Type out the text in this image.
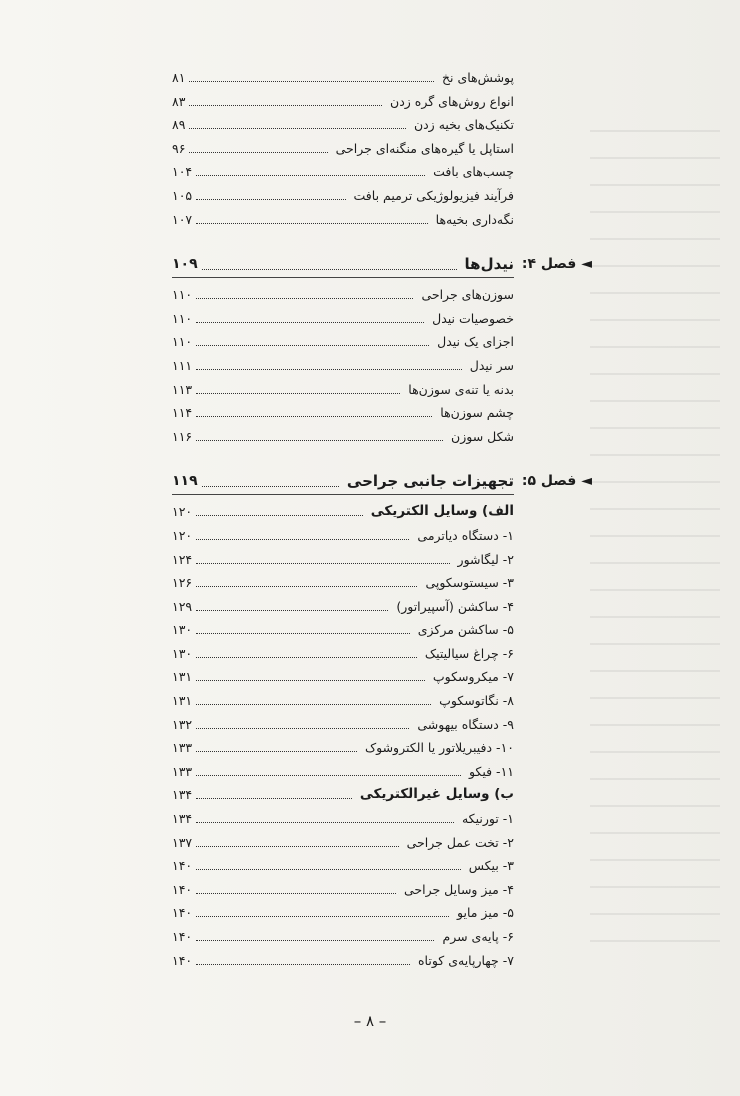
پوشش‌های نخ
۸۱
انواع روش‌های گره زدن
۸۳
تکنیک‌های بخیه زدن
۸۹
استاپل یا گیره‌های منگنه‌ای جراحی
۹۶
چسب‌های بافت
۱۰۴
فرآیند فیزیولوژیکی ترمیم بافت
۱۰۵
نگه‌داری بخیه‌ها
۱۰۷
◄ فصل ۴:
نیدل‌ها
۱۰۹
سوزن‌های جراحی
۱۱۰
خصوصیات نیدل
۱۱۰
اجزای یک نیدل
۱۱۰
سر نیدل
۱۱۱
بدنه یا تنه‌ی سوزن‌ها
۱۱۳
چشم سوزن‌ها
۱۱۴
شکل سوزن
۱۱۶
◄ فصل ۵:
تجهیزات جانبی جراحی
۱۱۹
الف) وسایل الکتریکی
۱۲۰
۱- دستگاه دیاترمی
۱۲۰
۲- لیگاشور
۱۲۴
۳- سیستوسکوپی
۱۲۶
۴- ساکشن (آسپیراتور)
۱۲۹
۵- ساکشن مرکزی
۱۳۰
۶- چراغ سیالیتیک
۱۳۰
۷- میکروسکوپ
۱۳۱
۸- نگاتوسکوپ
۱۳۱
۹- دستگاه بیهوشی
۱۳۲
۱۰- دفیبریلاتور یا الکتروشوک
۱۳۳
۱۱- فیکو
۱۳۳
ب) وسایل غیرالکتریکی
۱۳۴
۱- تورنیکه
۱۳۴
۲- تخت عمل جراحی
۱۳۷
۳- بیکس
۱۴۰
۴- میز وسایل جراحی
۱۴۰
۵- میز مایو
۱۴۰
۶- پایه‌ی سرم
۱۴۰
۷- چهارپایه‌ی کوتاه
۱۴۰
– ۸ –
